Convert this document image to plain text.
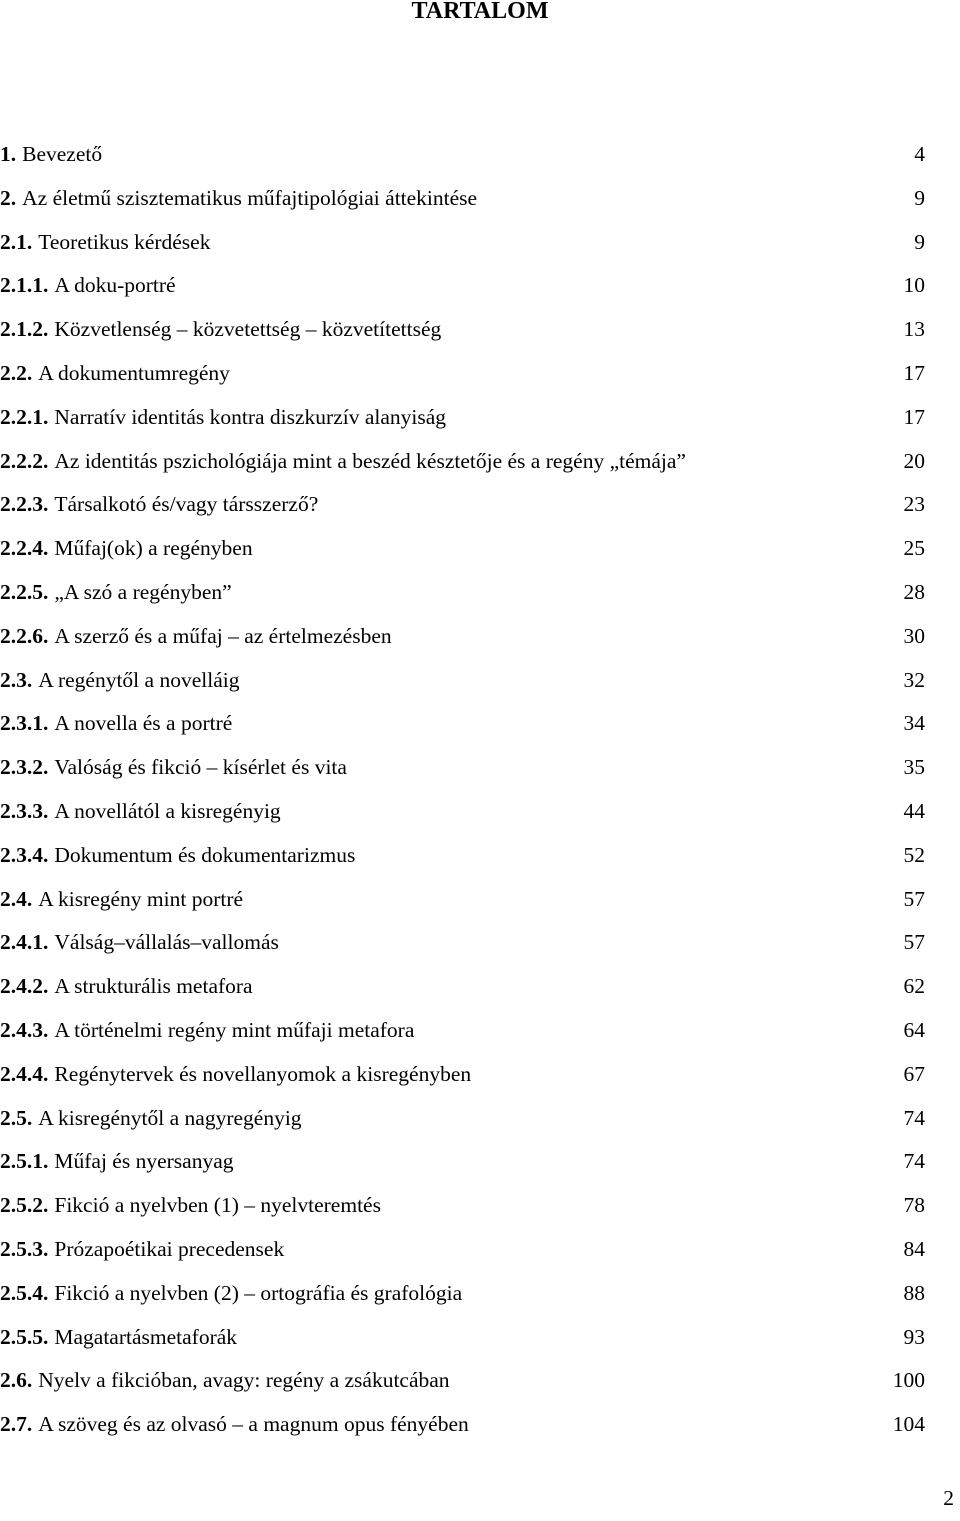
TARTALOM
1. Bevezető	4
2. Az életmű szisztematikus műfajtipológiai áttekintése	9
2.1. Teoretikus kérdések	9
2.1.1. A doku-portré	10
2.1.2. Közvetlenség – közvetettség – közvetítettség	13
2.2. A dokumentumregény	17
2.2.1. Narratív identitás kontra diszkurzív alanyiság	17
2.2.2. Az identitás pszichológiája mint a beszéd késztetője és a regény „témája”	20
2.2.3. Társalkotó és/vagy társszerző?	23
2.2.4. Műfaj(ok) a regényben	25
2.2.5. „A szó a regényben”	28
2.2.6. A szerző és a műfaj – az értelmezésben	30
2.3. A regénytől a novelláig	32
2.3.1. A novella és a portré	34
2.3.2. Valóság és fikció – kísérlet és vita	35
2.3.3. A novellától a kisregényig	44
2.3.4. Dokumentum és dokumentarizmus	52
2.4. A kisregény mint portré	57
2.4.1. Válság–vállalás–vallomás	57
2.4.2. A strukturális metafora	62
2.4.3. A történelmi regény mint műfaji metafora	64
2.4.4. Regénytervek és novellanyomok a kisregényben	67
2.5. A kisregénytől a nagyregényig	74
2.5.1. Műfaj és nyersanyag	74
2.5.2. Fikció a nyelvben (1) – nyelvteremtés	78
2.5.3. Prózapoétikai precedensek	84
2.5.4. Fikció a nyelvben (2) – ortográfia és grafológia	88
2.5.5. Magatartásmetaforák	93
2.6. Nyelv a fikcióban, avagy: regény a zsákutcában	100
2.7. A szöveg és az olvasó – a magnum opus fényében	104
2
